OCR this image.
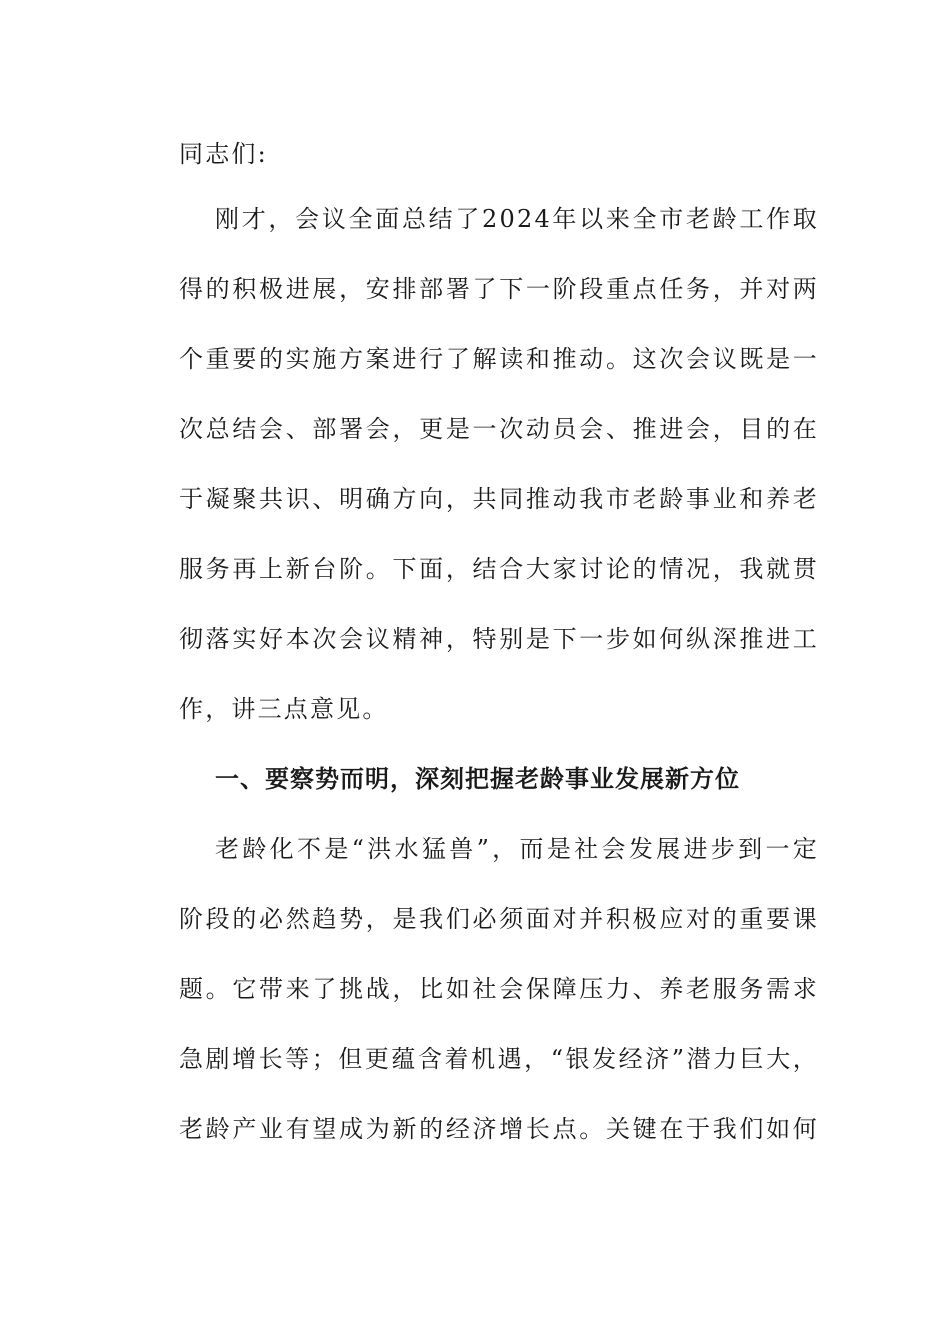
同志们:
刚才，会议全面总结了2024年以来全市老龄工作取
得的积极进展，安排部署了下一阶段重点任务，并对两
个重要的实施方案进行了解读和推动。这次会议既是一
次总结会、部署会，更是一次动员会、推进会，目的在
于凝聚共识、明确方向，共同推动我市老龄事业和养老
服务再上新台阶。下面，结合大家讨论的情况，我就贯
彻落实好本次会议精神，特别是下一步如何纵深推进工
作，讲三点意见。
一、要察势而明，深刻把握老龄事业发展新方位
老龄化不是“洪水猛兽”，而是社会发展进步到一定
阶段的必然趋势，是我们必须面对并积极应对的重要课
题。它带来了挑战，比如社会保障压力、养老服务需求
急剧增长等；但更蕴含着机遇，“银发经济”潜力巨大，
老龄产业有望成为新的经济增长点。关键在于我们如何
